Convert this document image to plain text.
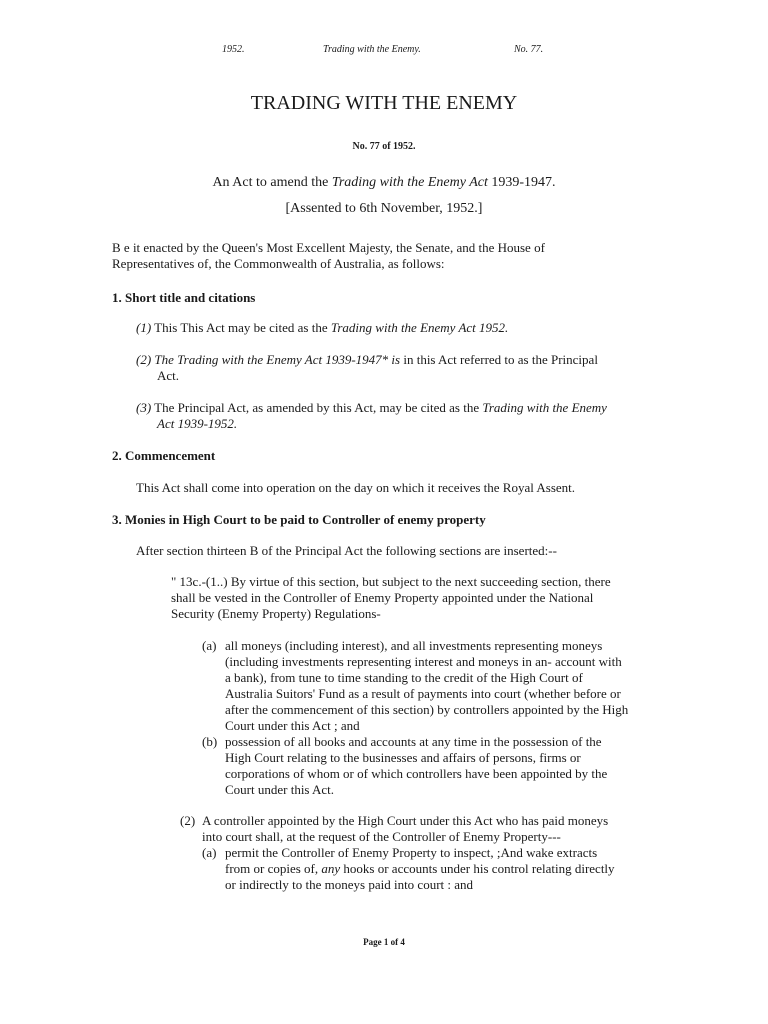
1952.	Trading with the Enemy.	No. 77.
TRADING WITH THE ENEMY
No. 77 of 1952.
An Act to amend the Trading with the Enemy Act 1939-1947.
[Assented to 6th November, 1952.]
B e it enacted by the Queen's Most Excellent Majesty, the Senate, and the House of
Representatives of, the Commonwealth of Australia, as follows:
1. Short title and citations
(1) This This Act may be cited as the Trading with the Enemy Act 1952.
(2) The Trading with the Enemy Act 1939-1947* is in this Act referred to as the Principal
Act.
(3) The Principal Act, as amended by this Act, may be cited as the Trading with the Enemy
Act 1939-1952.
2. Commencement
This Act shall come into operation on the day on which it receives the Royal Assent.
3. Monies in High Court to be paid to Controller of enemy property
After section thirteen B of the Principal Act the following sections are inserted:--
" 13c.-(1..) By virtue of this section, but subject to the next succeeding section, there
shall be vested in the Controller of Enemy Property appointed under the National
Security (Enemy Property) Regulations-
(a) all moneys (including interest), and all investments representing moneys
(including investments representing interest and moneys in an- account with
a bank), from tune to time standing to the credit of the High Court of
Australia Suitors' Fund as a result of payments into court (whether before or
after the commencement of this section) by controllers appointed by the High
Court under this Act ; and
(b) possession of all books and accounts at any time in the possession of the
High Court relating to the businesses and affairs of persons, firms or
corporations of whom or of which controllers have been appointed by the
Court under this Act.
(2) A controller appointed by the High Court under this Act who has paid moneys
into court shall, at the request of the Controller of Enemy Property---
(a) permit the Controller of Enemy Property to inspect, ;And wake extracts
from or copies of, any hooks or accounts under his control relating directly
or indirectly to the moneys paid into court : and
Page 1 of 4
